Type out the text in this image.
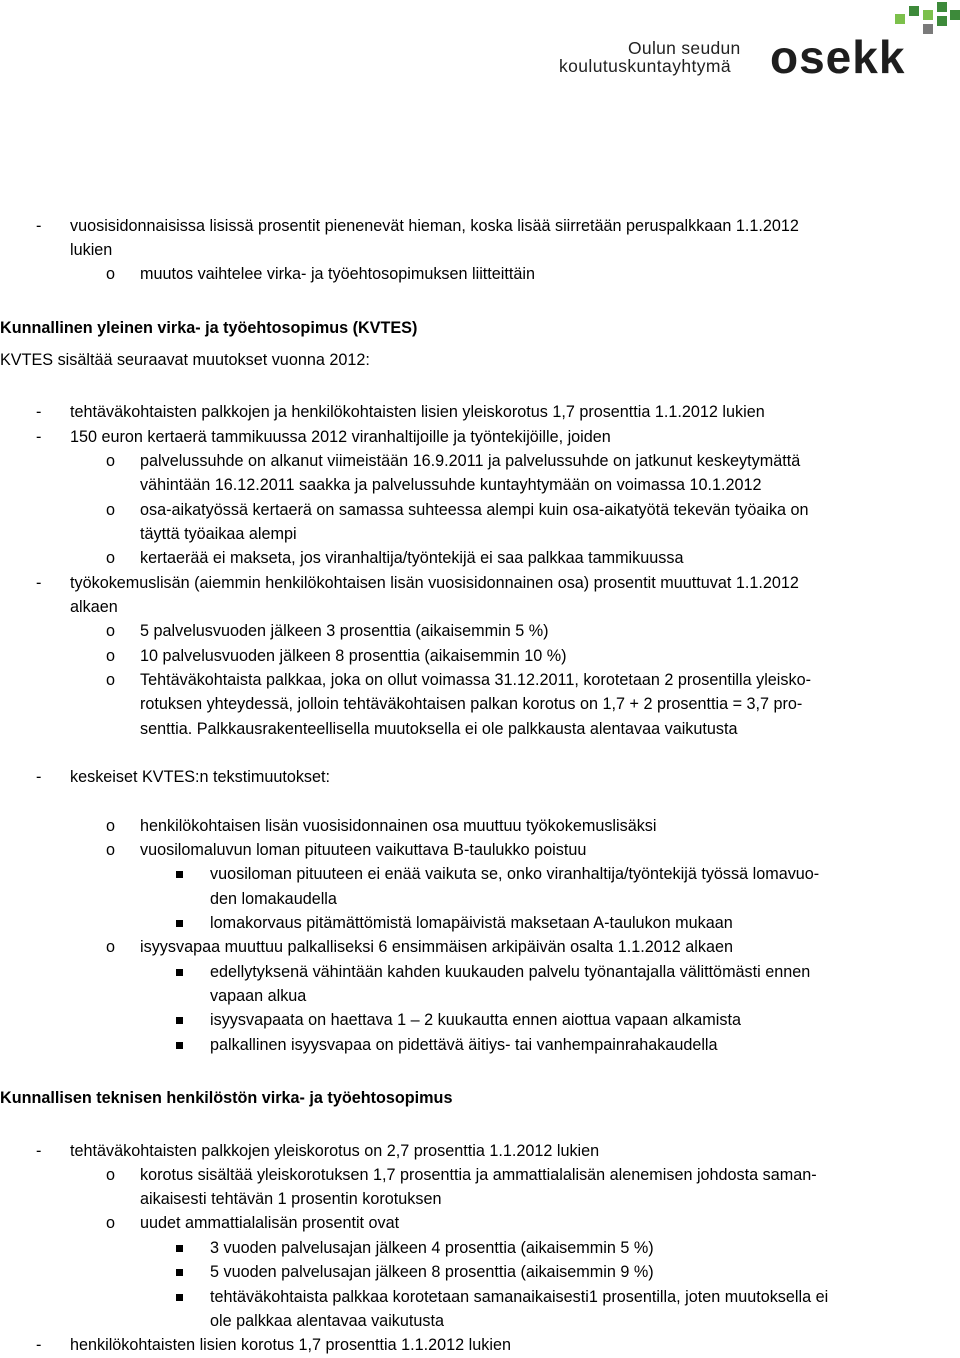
Oulun seudun
koulutuskuntayhtymä osekk
- vuosisidonnaisissa lisissä prosentit pienenevät hieman, koska lisää siirretään peruspalkkaan 1.1.2012
lukien
o muutos vaihtelee virka- ja työehtosopimuksen liitteittäin
Kunnallinen yleinen virka- ja työehtosopimus (KVTES)
KVTES sisältää seuraavat muutokset vuonna 2012:
- tehtäväkohtaisten palkkojen ja henkilökohtaisten lisien yleiskorotus 1,7 prosenttia 1.1.2012 lukien
- 150 euron kertaerä tammikuussa 2012 viranhaltijoille ja työntekijöille, joiden
o palvelussuhde on alkanut viimeistään 16.9.2011 ja palvelussuhde on jatkunut keskeytymättä
vähintään 16.12.2011 saakka ja palvelussuhde kuntayhtymään on voimassa 10.1.2012
o osa-aikatyössä kertaerä on samassa suhteessa alempi kuin osa-aikatyötä tekevän työaika on
täyttä työaikaa alempi
o kertaerää ei makseta, jos viranhaltija/työntekijä ei saa palkkaa tammikuussa
- työkokemuslisän (aiemmin henkilökohtaisen lisän vuosisidonnainen osa) prosentit muuttuvat 1.1.2012
alkaen
o 5 palvelusvuoden jälkeen 3 prosenttia (aikaisemmin 5 %)
o 10 palvelusvuoden jälkeen 8 prosenttia (aikaisemmin 10 %)
o Tehtäväkohtaista palkkaa, joka on ollut voimassa 31.12.2011, korotetaan 2 prosentilla yleisko-
rotuksen yhteydessä, jolloin tehtäväkohtaisen palkan korotus on 1,7 + 2 prosenttia = 3,7 pro-
senttia. Palkkausrakenteellisella muutoksella ei ole palkkausta alentavaa vaikutusta
- keskeiset KVTES:n tekstimuutokset:
o henkilökohtaisen lisän vuosisidonnainen osa muuttuu työkokemuslisäksi
o vuosilomaluvun loman pituuteen vaikuttava B-taulukko poistuu
vuosiloman pituuteen ei enää vaikuta se, onko viranhaltija/työntekijä työssä lomavuo-
den lomakaudella
lomakorvaus pitämättömistä lomapäivistä maksetaan A-taulukon mukaan
o isyysvapaa muuttuu palkalliseksi 6 ensimmäisen arkipäivän osalta 1.1.2012 alkaen
edellytyksenä vähintään kahden kuukauden palvelu työnantajalla välittömästi ennen
vapaan alkua
isyysvapaata on haettava 1 – 2 kuukautta ennen aiottua vapaan alkamista
palkallinen isyysvapaa on pidettävä äitiys- tai vanhempainrahakaudella
Kunnallisen teknisen henkilöstön virka- ja työehtosopimus
- tehtäväkohtaisten palkkojen yleiskorotus on 2,7 prosenttia 1.1.2012 lukien
o korotus sisältää yleiskorotuksen 1,7 prosenttia ja ammattialalisän alenemisen johdosta saman-
aikaisesti tehtävän 1 prosentin korotuksen
o uudet ammattialalisän prosentit ovat
3 vuoden palvelusajan jälkeen 4 prosenttia (aikaisemmin 5 %)
5 vuoden palvelusajan jälkeen 8 prosenttia (aikaisemmin 9 %)
tehtäväkohtaista palkkaa korotetaan samanaikaisesti1 prosentilla, joten muutoksella ei
ole palkkaa alentavaa vaikutusta
- henkilökohtaisten lisien korotus 1,7 prosenttia 1.1.2012 lukien
